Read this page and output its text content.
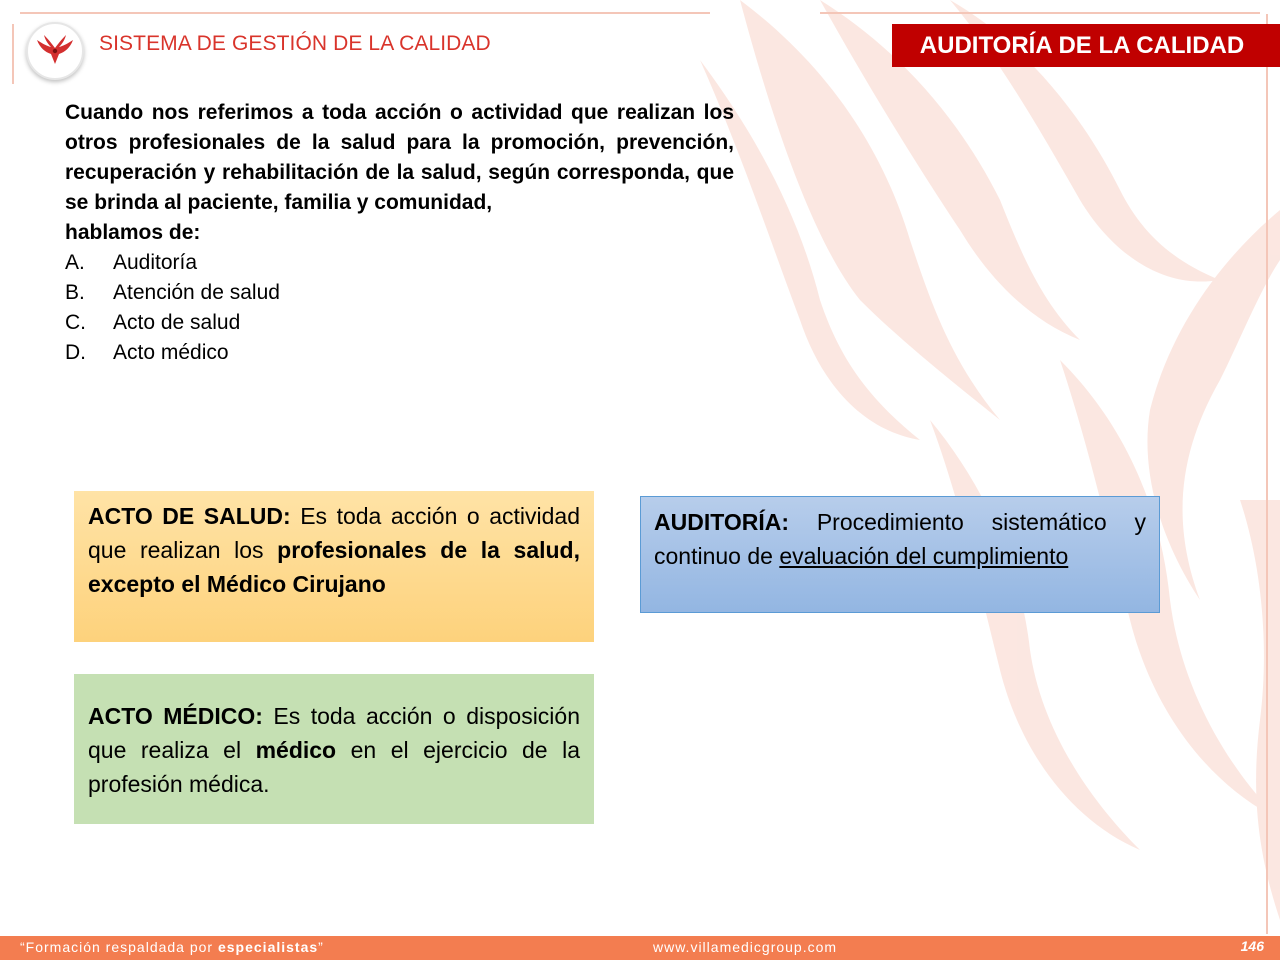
SISTEMA DE GESTIÓN DE LA CALIDAD	AUDITORÍA DE LA CALIDAD
Cuando nos referimos a toda acción o actividad que realizan los otros profesionales de la salud para la promoción, prevención, recuperación y rehabilitación de la salud, según corresponda, que se brinda al paciente, familia y comunidad,
hablamos de:
A.	Auditoría
B.	Atención de salud
C.	Acto de salud
D.	Acto médico
ACTO DE SALUD: Es toda acción o actividad que realizan los profesionales de la salud, excepto el Médico Cirujano
ACTO MÉDICO: Es toda acción o disposición que realiza el médico en el ejercicio de la profesión médica.
AUDITORÍA: Procedimiento sistemático y continuo de evaluación del cumplimiento
“Formación respaldada por especialistas”	www.villamedicgroup.com	146
